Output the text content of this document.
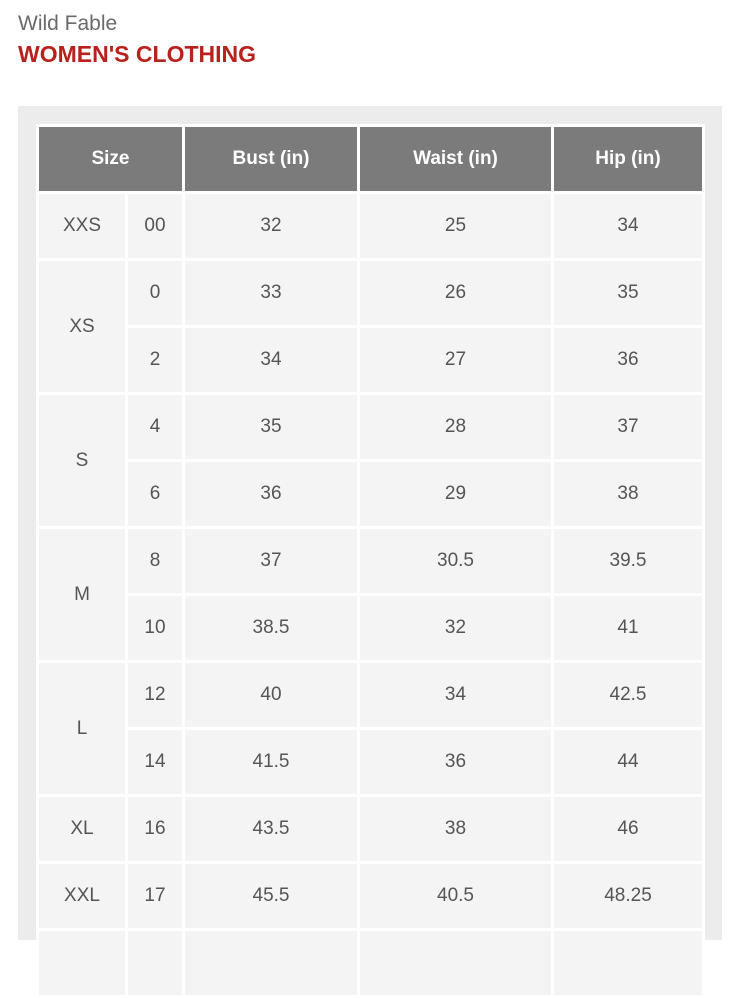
Wild Fable
WOMEN'S CLOTHING
Size		Bust (in)	Waist (in)	Hip (in)
XXS	00	32	25	34
XS	0	33	26	35
	2	34	27	36
S	4	35	28	37
	6	36	29	38
M	8	37	30.5	39.5
	10	38.5	32	41
L	12	40	34	42.5
	14	41.5	36	44
XL	16	43.5	38	46
XXL	17	45.5	40.5	48.25
